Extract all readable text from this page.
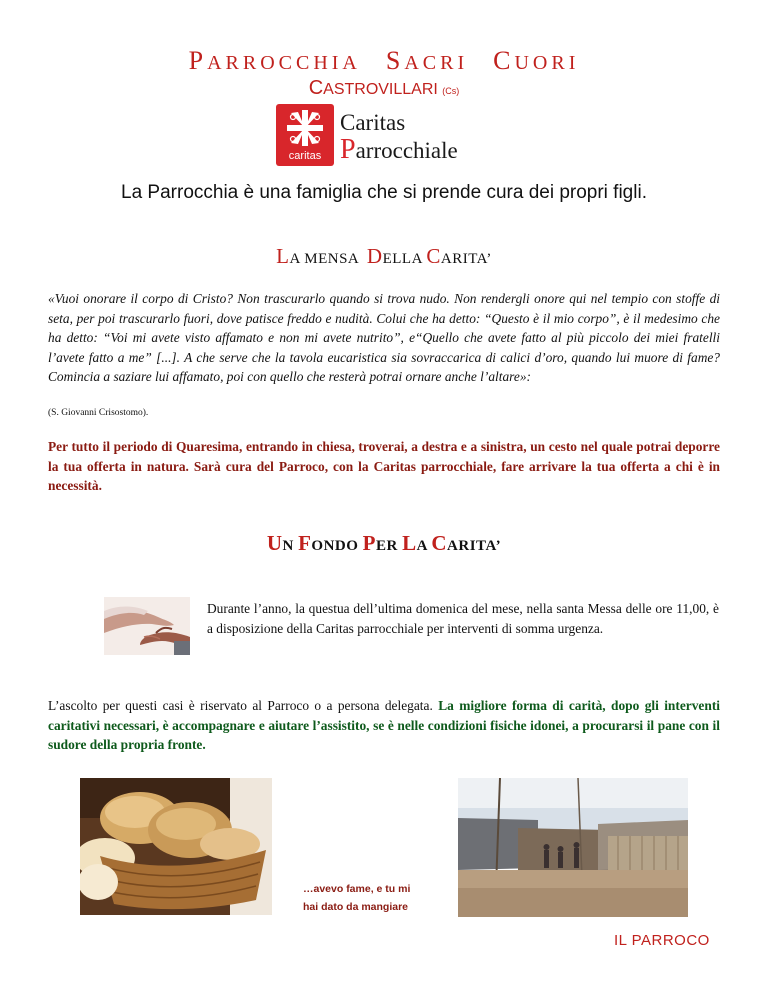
PARROCCHIA SACRI CUORI
CASTROVILLARI (Cs)
caritas
Caritas
Parrocchiale
La Parrocchia è una famiglia che si prende cura dei propri figli.
LA MENSA  DELLA CARITA’
«Vuoi onorare il corpo di Cristo? Non trascurarlo quando si trova nudo. Non rendergli onore qui nel tempio con stoffe di seta, per poi trascurarlo fuori, dove patisce freddo e nudità. Colui che ha detto: “Questo è il mio corpo”, è il medesimo che ha detto: “Voi mi avete visto affamato e non mi avete nutrito”, e“Quello che avete fatto al più piccolo dei miei fratelli l’avete fatto a me” [...]. A che serve che la tavola eucaristica sia sovraccarica di calici d’oro, quando lui muore di fame? Comincia a saziare lui affamato, poi con quello che resterà potrai ornare anche l’altare»:
(S. Giovanni Crisostomo).
Per tutto il periodo di Quaresima, entrando in chiesa, troverai, a destra e a sinistra, un cesto nel quale potrai deporre la tua offerta in natura. Sarà cura del Parroco, con la Caritas parrocchiale, fare arrivare la tua offerta a chi è in necessità.
UN FONDO PER LA CARITA’
Durante l’anno, la questua dell’ultima domenica del mese, nella santa Messa delle ore 11,00, è a disposizione della Caritas parrocchiale per interventi di somma urgenza.
L’ascolto per questi casi è riservato al Parroco o a persona delegata. La migliore forma di carità, dopo gli interventi caritativi necessari, è accompagnare e aiutare l’assistito, se è nelle condizioni fisiche idonei, a procurarsi il pane con il sudore della propria fronte.
…avevo fame, e tu mi
hai dato da mangiare
IL PARROCO
